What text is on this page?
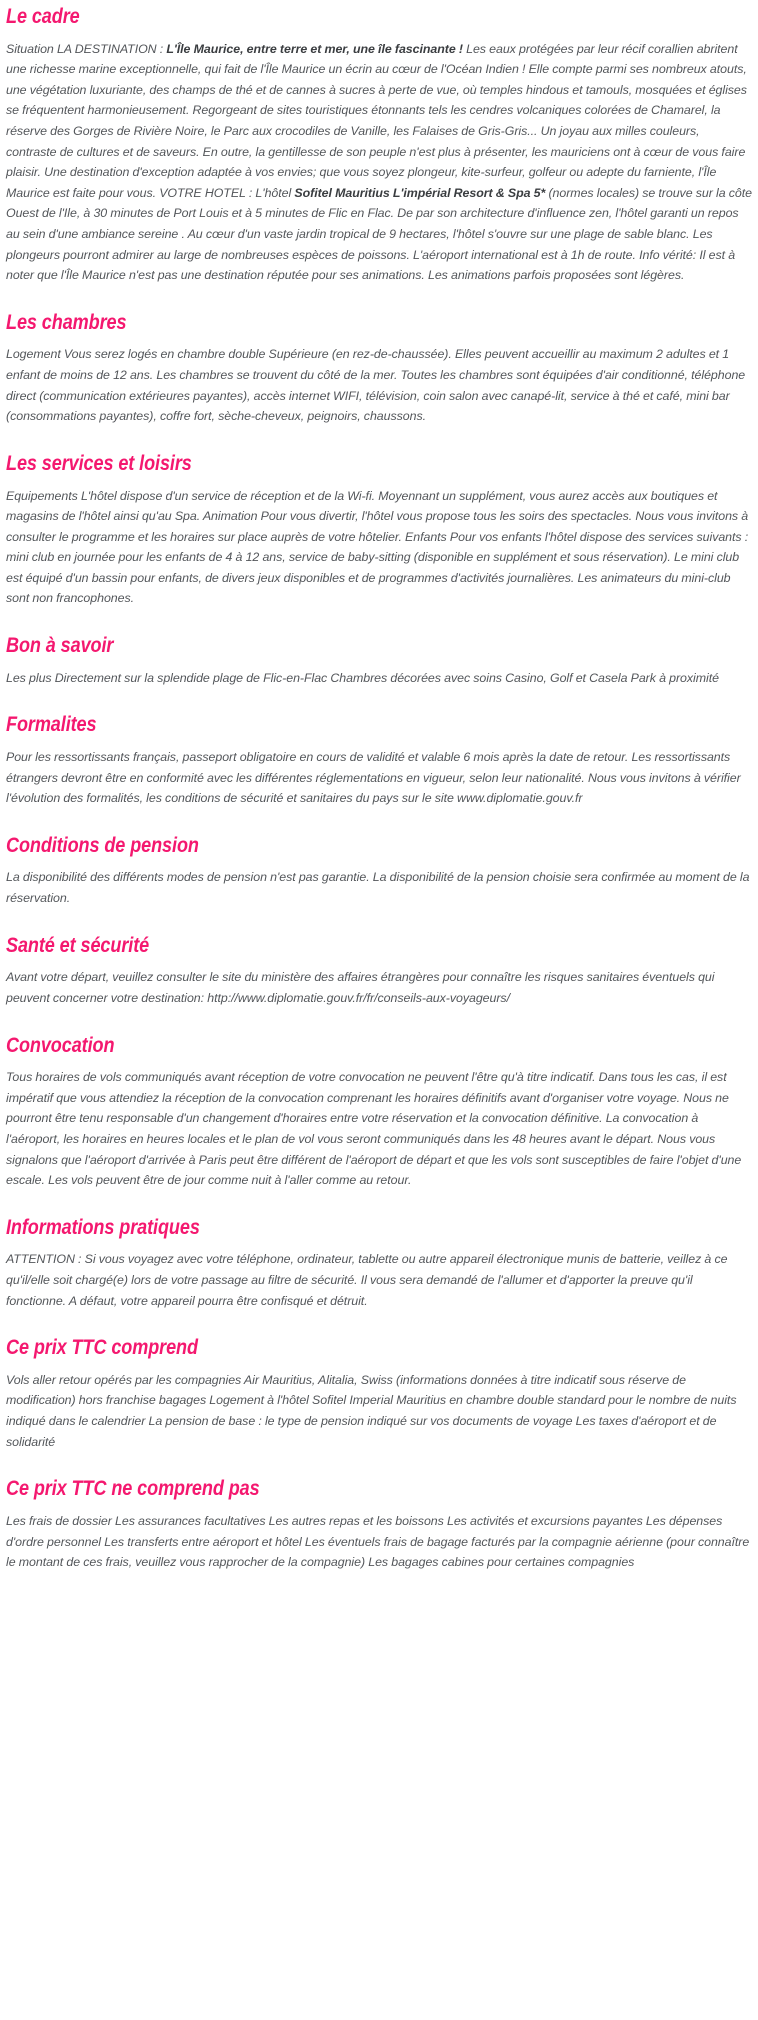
Le cadre

Situation LA DESTINATION : L'Île Maurice, entre terre et mer, une île fascinante ! Les eaux protégées par leur récif corallien abritent une richesse marine exceptionnelle, qui fait de l'Île Maurice un écrin au cœur de l'Océan Indien ! Elle compte parmi ses nombreux atouts, une végétation luxuriante, des champs de thé et de cannes à sucres à perte de vue, où temples hindous et tamouls, mosquées et églises se fréquentent harmonieusement. Regorgeant de sites touristiques étonnants tels les cendres volcaniques colorées de Chamarel, la réserve des Gorges de Rivière Noire, le Parc aux crocodiles de Vanille, les Falaises de Gris-Gris... Un joyau aux milles couleurs, contraste de cultures et de saveurs. En outre, la gentillesse de son peuple n'est plus à présenter, les mauriciens ont à cœur de vous faire plaisir. Une destination d'exception adaptée à vos envies; que vous soyez plongeur, kite-surfeur, golfeur ou adepte du farniente, l'Île Maurice est faite pour vous. VOTRE HOTEL : L'hôtel Sofitel Mauritius L'impérial Resort & Spa 5* (normes locales) se trouve sur la côte Ouest de l'Ile, à 30 minutes de Port Louis et à 5 minutes de Flic en Flac. De par son architecture d'influence zen, l'hôtel garanti un repos au sein d'une ambiance sereine . Au cœur d'un vaste jardin tropical de 9 hectares, l'hôtel s'ouvre sur une plage de sable blanc. Les plongeurs pourront admirer au large de nombreuses espèces de poissons. L'aéroport international est à 1h de route. Info vérité: Il est à noter que l'Île Maurice n'est pas une destination réputée pour ses animations. Les animations parfois proposées sont légères.

Les chambres

Logement Vous serez logés en chambre double Supérieure (en rez-de-chaussée). Elles peuvent accueillir au maximum 2 adultes et 1 enfant de moins de 12 ans. Les chambres se trouvent du côté de la mer. Toutes les chambres sont équipées d'air conditionné, téléphone direct (communication extérieures payantes), accès internet WIFI, télévision, coin salon avec canapé-lit, service à thé et café, mini bar (consommations payantes), coffre fort, sèche-cheveux, peignoirs, chaussons.

Les services et loisirs

Equipements L'hôtel dispose d'un service de réception et de la Wi-fi. Moyennant un supplément, vous aurez accès aux boutiques et magasins de l'hôtel ainsi qu'au Spa. Animation Pour vous divertir, l'hôtel vous propose tous les soirs des spectacles. Nous vous invitons à consulter le programme et les horaires sur place auprès de votre hôtelier. Enfants Pour vos enfants l'hôtel dispose des services suivants : mini club en journée pour les enfants de 4 à 12 ans, service de baby-sitting (disponible en supplément et sous réservation). Le mini club est équipé d'un bassin pour enfants, de divers jeux disponibles et de programmes d'activités journalières. Les animateurs du mini-club sont non francophones.

Bon à savoir

Les plus Directement sur la splendide plage de Flic-en-Flac Chambres décorées avec soins Casino, Golf et Casela Park à proximité

Formalites

Pour les ressortissants français, passeport obligatoire en cours de validité et valable 6 mois après la date de retour. Les ressortissants étrangers devront être en conformité avec les différentes réglementations en vigueur, selon leur nationalité. Nous vous invitons à vérifier l'évolution des formalités, les conditions de sécurité et sanitaires du pays sur le site www.diplomatie.gouv.fr

Conditions de pension

La disponibilité des différents modes de pension n'est pas garantie. La disponibilité de la pension choisie sera confirmée au moment de la réservation.

Santé et sécurité

Avant votre départ, veuillez consulter le site du ministère des affaires étrangères pour connaître les risques sanitaires éventuels qui peuvent concerner votre destination: http://www.diplomatie.gouv.fr/fr/conseils-aux-voyageurs/

Convocation

Tous horaires de vols communiqués avant réception de votre convocation ne peuvent l'être qu'à titre indicatif. Dans tous les cas, il est impératif que vous attendiez la réception de la convocation comprenant les horaires définitifs avant d'organiser votre voyage. Nous ne pourront être tenu responsable d'un changement d'horaires entre votre réservation et la convocation définitive. La convocation à l'aéroport, les horaires en heures locales et le plan de vol vous seront communiqués dans les 48 heures avant le départ. Nous vous signalons que l'aéroport d'arrivée à Paris peut être différent de l'aéroport de départ et que les vols sont susceptibles de faire l'objet d'une escale. Les vols peuvent être de jour comme nuit à l'aller comme au retour.

Informations pratiques

ATTENTION : Si vous voyagez avec votre téléphone, ordinateur, tablette ou autre appareil électronique munis de batterie, veillez à ce qu'il/elle soit chargé(e) lors de votre passage au filtre de sécurité. Il vous sera demandé de l'allumer et d'apporter la preuve qu'il fonctionne. A défaut, votre appareil pourra être confisqué et détruit.

Ce prix TTC comprend

Vols aller retour opérés par les compagnies Air Mauritius, Alitalia, Swiss (informations données à titre indicatif sous réserve de modification) hors franchise bagages Logement à l'hôtel Sofitel Imperial Mauritius en chambre double standard pour le nombre de nuits indiqué dans le calendrier La pension de base : le type de pension indiqué sur vos documents de voyage Les taxes d'aéroport et de solidarité

Ce prix TTC ne comprend pas

Les frais de dossier Les assurances facultatives Les autres repas et les boissons Les activités et excursions payantes Les dépenses d'ordre personnel Les transferts entre aéroport et hôtel Les éventuels frais de bagage facturés par la compagnie aérienne (pour connaître le montant de ces frais, veuillez vous rapprocher de la compagnie) Les bagages cabines pour certaines compagnies
